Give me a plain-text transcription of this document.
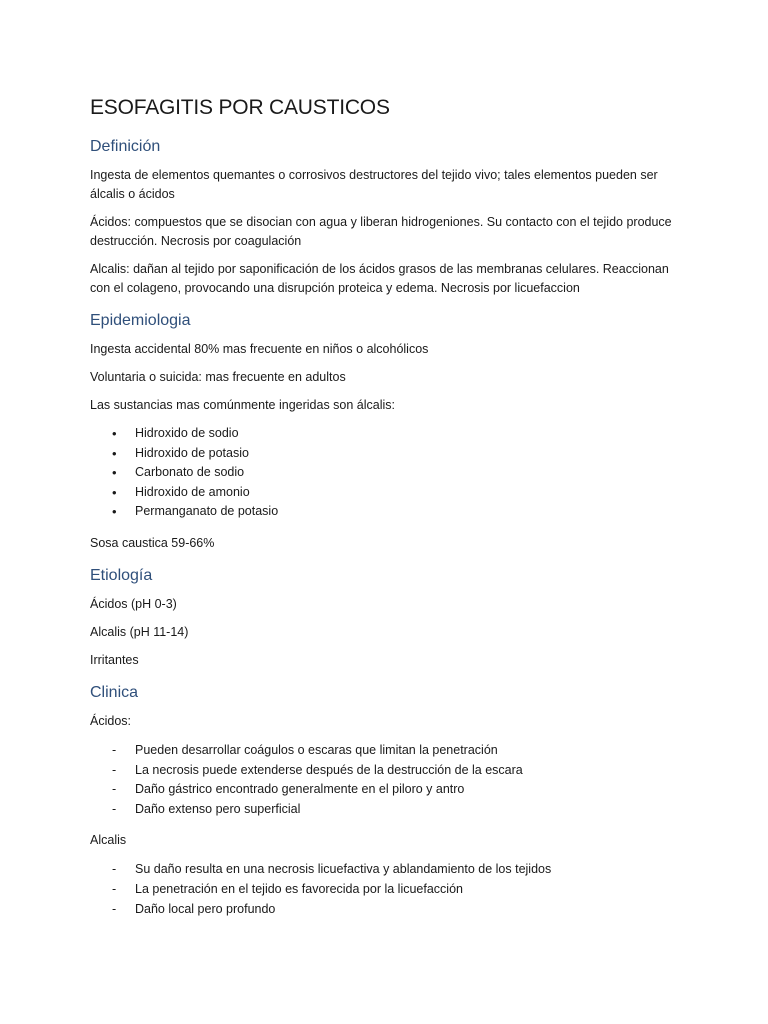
ESOFAGITIS POR CAUSTICOS
Definición

Ingesta de elementos quemantes o corrosivos destructores del tejido vivo; tales elementos pueden ser álcalis o ácidos

Ácidos: compuestos que se disocian con agua y liberan hidrogeniones. Su contacto con el tejido produce destrucción. Necrosis por coagulación

Alcalis: dañan al tejido por saponificación de los ácidos grasos de las membranas celulares. Reaccionan con el colageno, provocando una disrupción proteica y edema. Necrosis por licuefaccion

Epidemiologia

Ingesta accidental 80% mas frecuente en niños o alcohólicos

Voluntaria o suicida: mas frecuente en adultos

Las sustancias mas comúnmente ingeridas son álcalis:

•	Hidroxido de sodio
•	Hidroxido de potasio
•	Carbonato de sodio
•	Hidroxido de amonio
•	Permanganato de potasio

Sosa caustica 59-66%

Etiología

Ácidos (pH 0-3)

Alcalis (pH 11-14)

Irritantes

Clinica

Ácidos:

-	Pueden desarrollar coágulos o escaras que limitan la penetración
-	La necrosis puede extenderse después de la destrucción de la escara
-	Daño gástrico encontrado generalmente en el piloro y antro
-	Daño extenso pero superficial

Alcalis

-	Su daño resulta en una necrosis licuefactiva y ablandamiento de los tejidos
-	La penetración en el tejido es favorecida por la licuefacción
-	Daño local pero profundo
